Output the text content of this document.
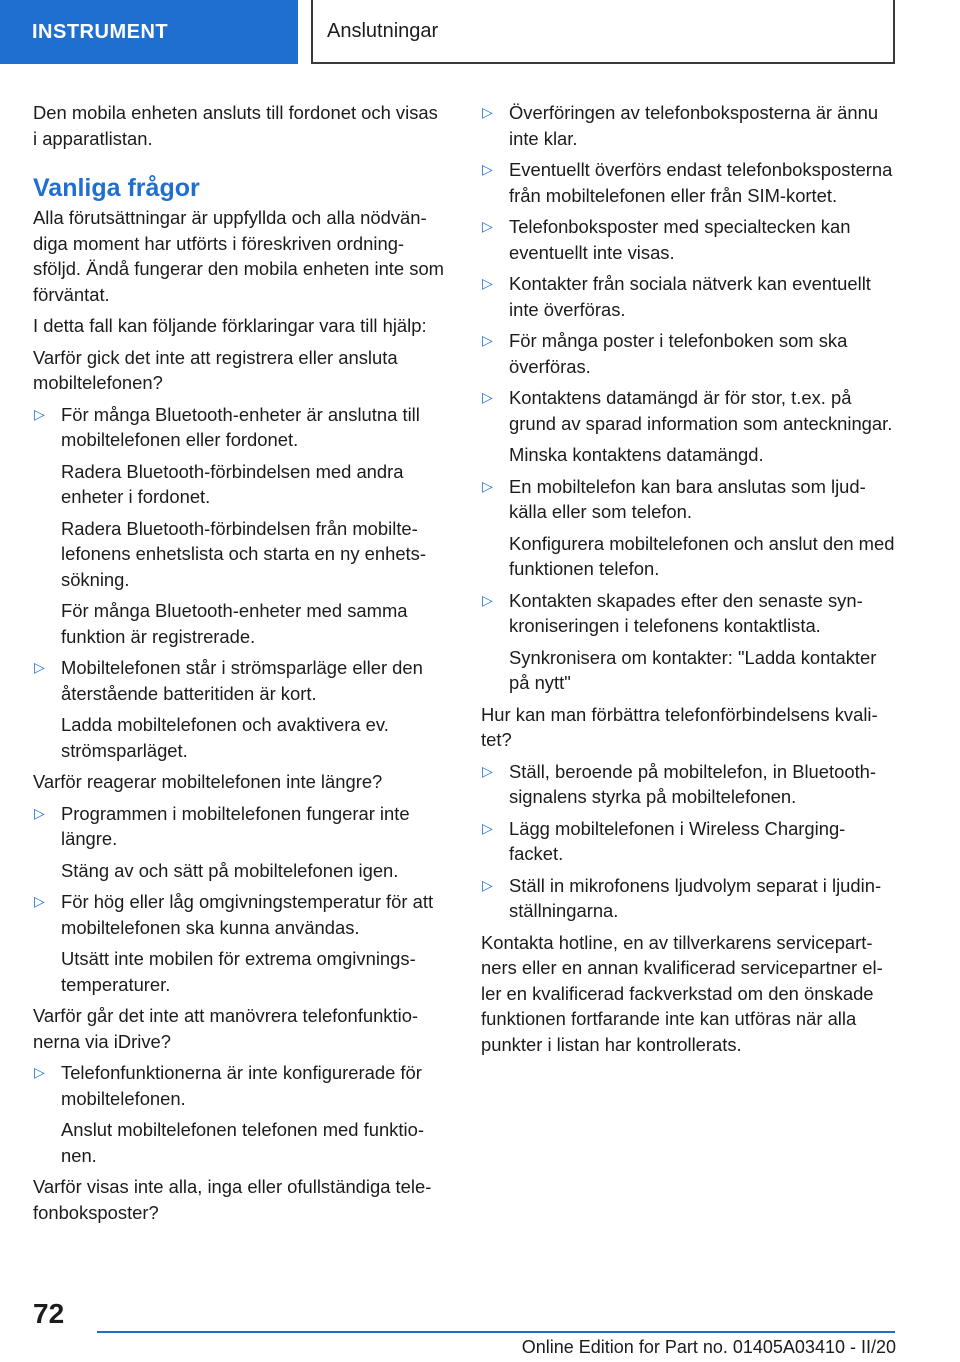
INSTRUMENT	Anslutningar

Den mobila enheten ansluts till fordonet och visas i apparatlistan.

Vanliga frågor

Alla förutsättningar är uppfyllda och alla nödvändiga moment har utförts i föreskriven ordningsföljd. Ändå fungerar den mobila enheten inte som förväntat.

I detta fall kan följande förklaringar vara till hjälp:

Varför gick det inte att registrera eller ansluta mobiltelefonen?

▷ För många Bluetooth-enheter är anslutna till mobiltelefonen eller fordonet.

Radera Bluetooth-förbindelsen med andra enheter i fordonet.

Radera Bluetooth-förbindelsen från mobiltelefonens enhetslista och starta en ny enhetssökning.

För många Bluetooth-enheter med samma funktion är registrerade.

▷ Mobiltelefonen står i strömsparläge eller den återstående batteritiden är kort.

Ladda mobiltelefonen och avaktivera ev. strömsparläget.

Varför reagerar mobiltelefonen inte längre?

▷ Programmen i mobiltelefonen fungerar inte längre.

Stäng av och sätt på mobiltelefonen igen.

▷ För hög eller låg omgivningstemperatur för att mobiltelefonen ska kunna användas.

Utsätt inte mobilen för extrema omgivningstemperaturer.

Varför går det inte att manövrera telefonfunktionerna via iDrive?

▷ Telefonfunktionerna är inte konfigurerade för mobiltelefonen.

Anslut mobiltelefonen telefonen med funktionen.

Varför visas inte alla, inga eller ofullständiga telefonboksposter?

▷ Överföringen av telefonboksposterna är ännu inte klar.

▷ Eventuellt överförs endast telefonboksposterna från mobiltelefonen eller från SIM-kortet.

▷ Telefonboksposter med specialtecken kan eventuellt inte visas.

▷ Kontakter från sociala nätverk kan eventuellt inte överföras.

▷ För många poster i telefonboken som ska överföras.

▷ Kontaktens datamängd är för stor, t.ex. på grund av sparad information som anteckningar.

Minska kontaktens datamängd.

▷ En mobiltelefon kan bara anslutas som ljudkälla eller som telefon.

Konfigurera mobiltelefonen och anslut den med funktionen telefon.

▷ Kontakten skapades efter den senaste synkroniseringen i telefonens kontaktlista.

Synkronisera om kontakter: "Ladda kontakter på nytt"

Hur kan man förbättra telefonförbindelsens kvalitet?

▷ Ställ, beroende på mobiltelefon, in Bluetooth-signalens styrka på mobiltelefonen.

▷ Lägg mobiltelefonen i Wireless Charging-facket.

▷ Ställ in mikrofonens ljudvolym separat i ljudinställningarna.

Kontakta hotline, en av tillverkarens servicepartners eller en annan kvalificerad servicepartner eller en kvalificerad fackverkstad om den önskade funktionen fortfarande inte kan utföras när alla punkter i listan har kontrollerats.

72
Online Edition for Part no. 01405A03410 - II/20
